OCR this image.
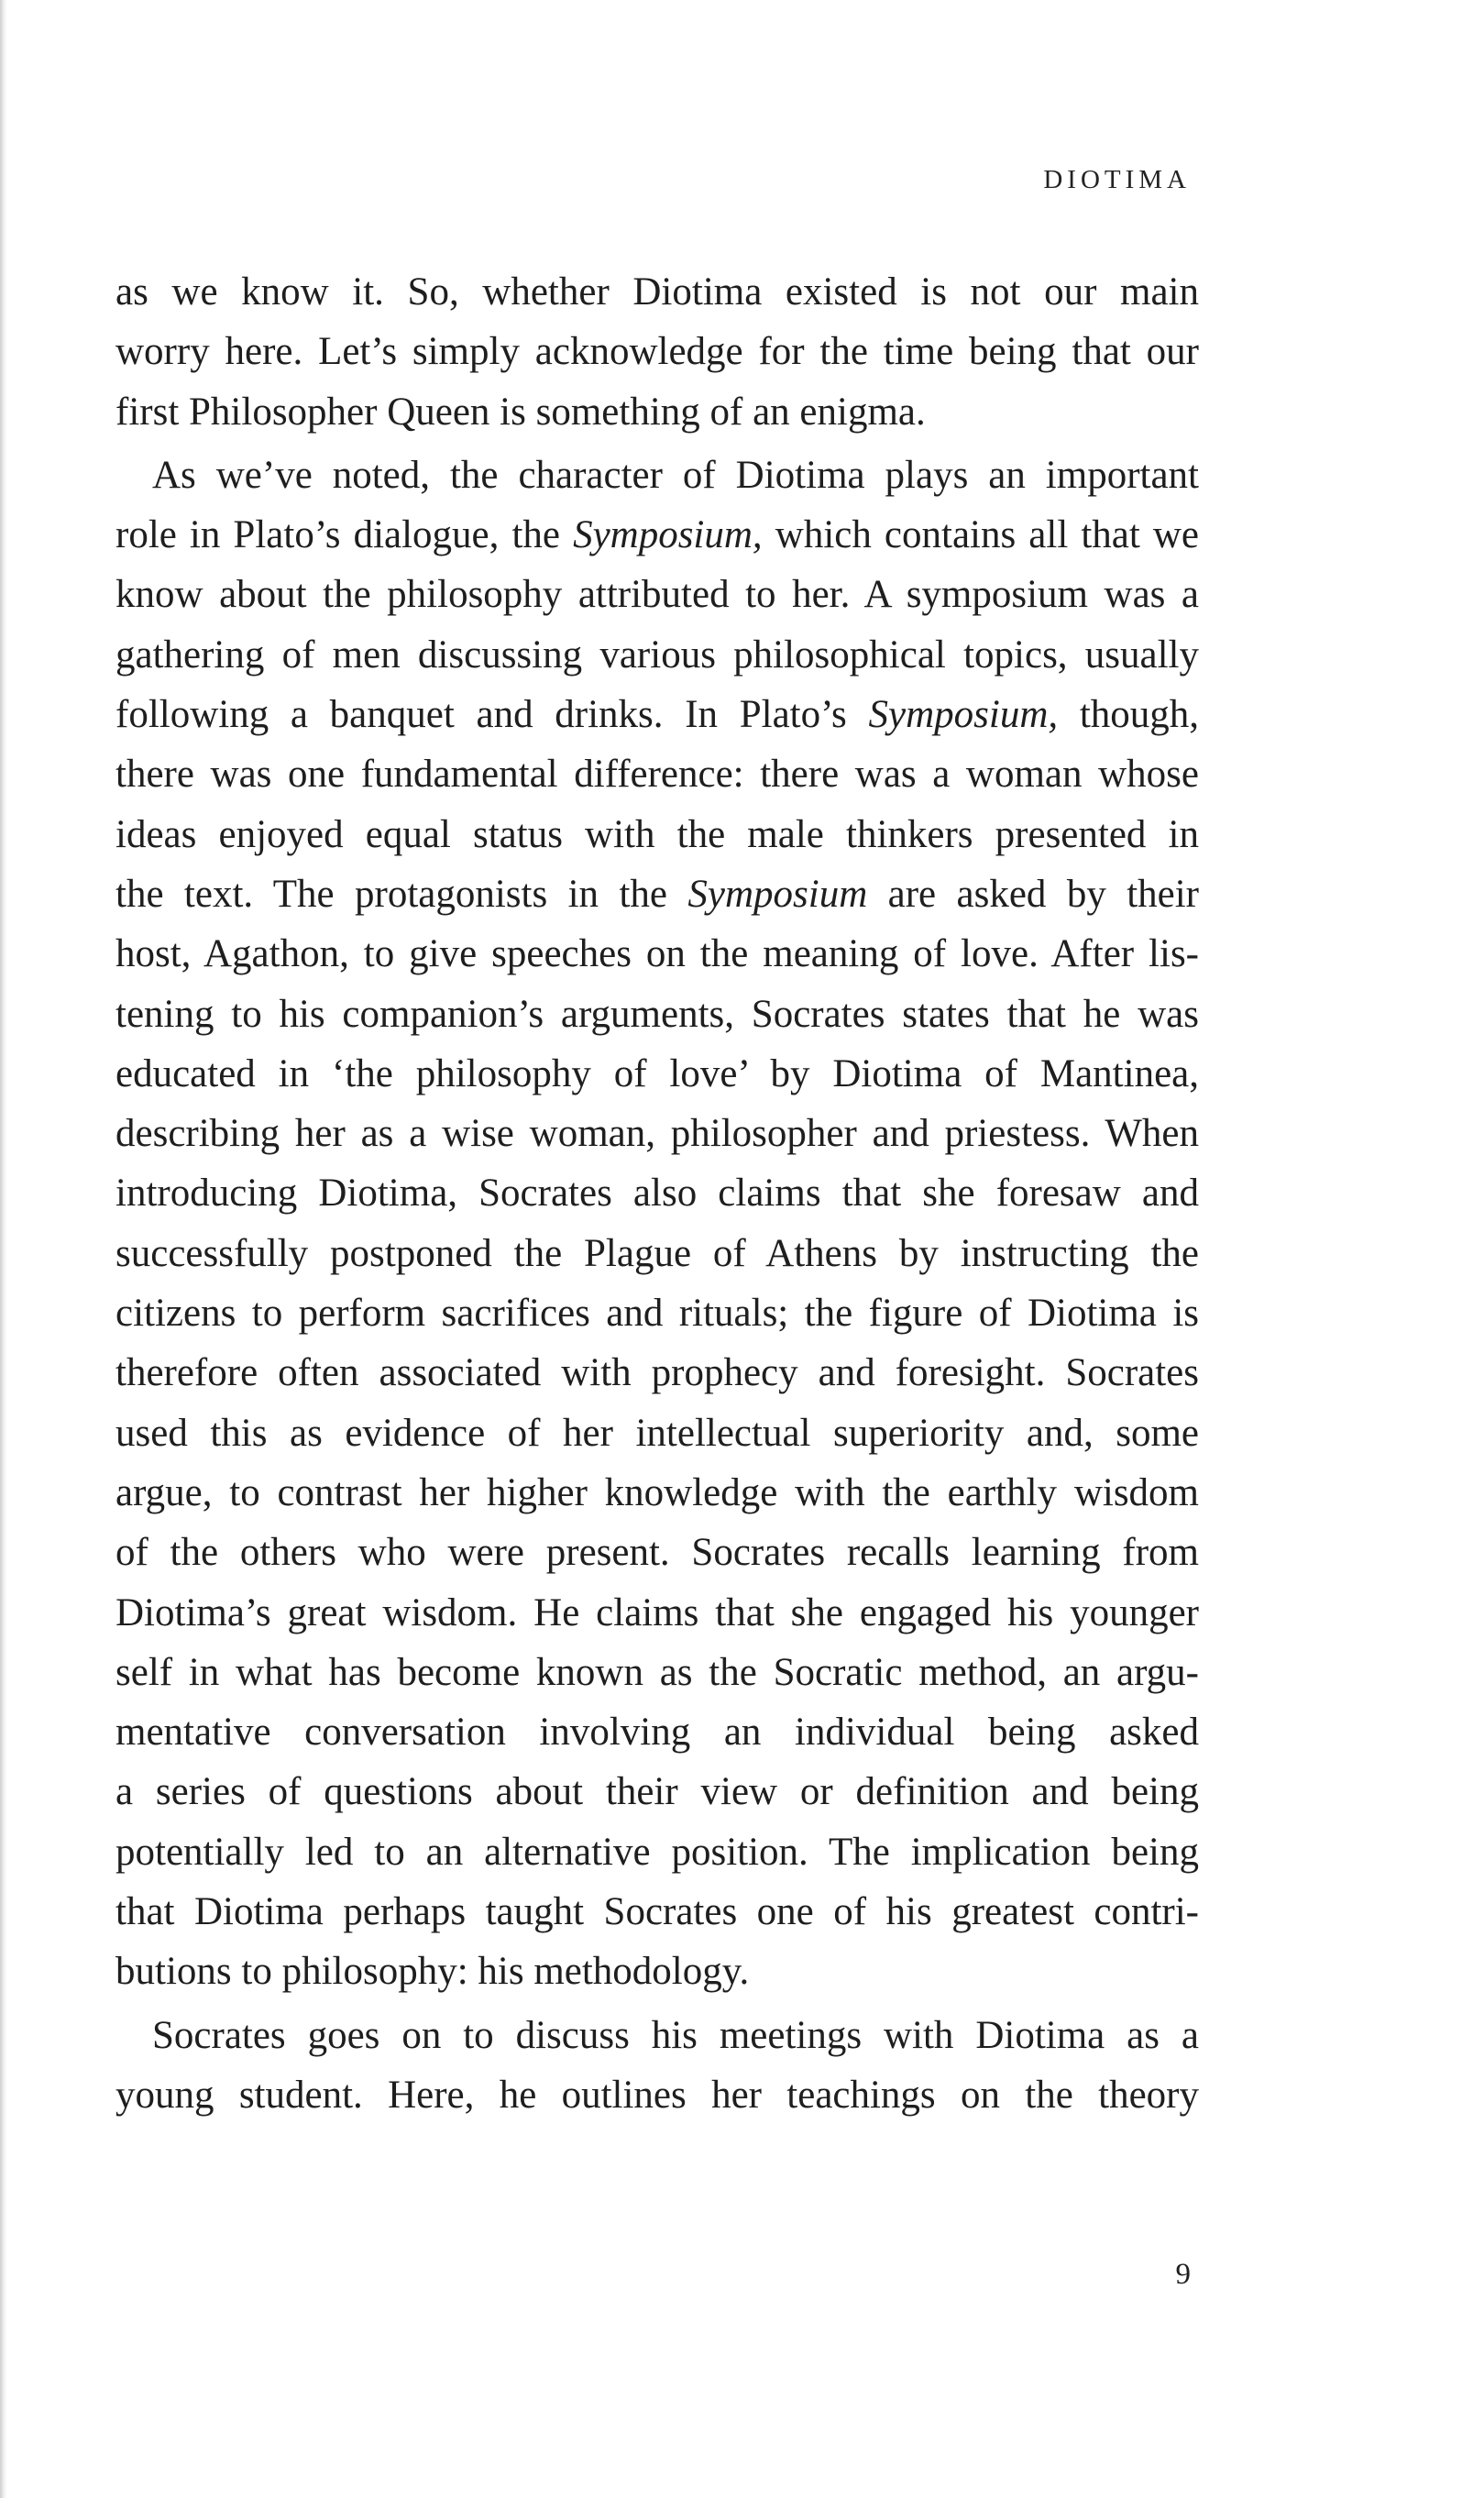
DIOTIMA
as we know it. So, whether Diotima existed is not our main
worry here. Let’s simply acknowledge for the time being that our
first Philosopher Queen is something of an enigma.
As we’ve noted, the character of Diotima plays an important
role in Plato’s dialogue, the Symposium, which contains all that we
know about the philosophy attributed to her. A symposium was a
gathering of men discussing various philosophical topics, usually
following a banquet and drinks. In Plato’s Symposium, though,
there was one fundamental difference: there was a woman whose
ideas enjoyed equal status with the male thinkers presented in
the text. The protagonists in the Symposium are asked by their
host, Agathon, to give speeches on the meaning of love. After lis-
tening to his companion’s arguments, Socrates states that he was
educated in ‘the philosophy of love’ by Diotima of Mantinea,
describing her as a wise woman, philosopher and priestess. When
introducing Diotima, Socrates also claims that she foresaw and
successfully postponed the Plague of Athens by instructing the
citizens to perform sacrifices and rituals; the figure of Diotima is
therefore often associated with prophecy and foresight. Socrates
used this as evidence of her intellectual superiority and, some
argue, to contrast her higher knowledge with the earthly wisdom
of the others who were present. Socrates recalls learning from
Diotima’s great wisdom. He claims that she engaged his younger
self in what has become known as the Socratic method, an argu-
mentative conversation involving an individual being asked
a series of questions about their view or definition and being
potentially led to an alternative position. The implication being
that Diotima perhaps taught Socrates one of his greatest contri-
butions to philosophy: his methodology.
Socrates goes on to discuss his meetings with Diotima as a
young student. Here, he outlines her teachings on the theory
9
